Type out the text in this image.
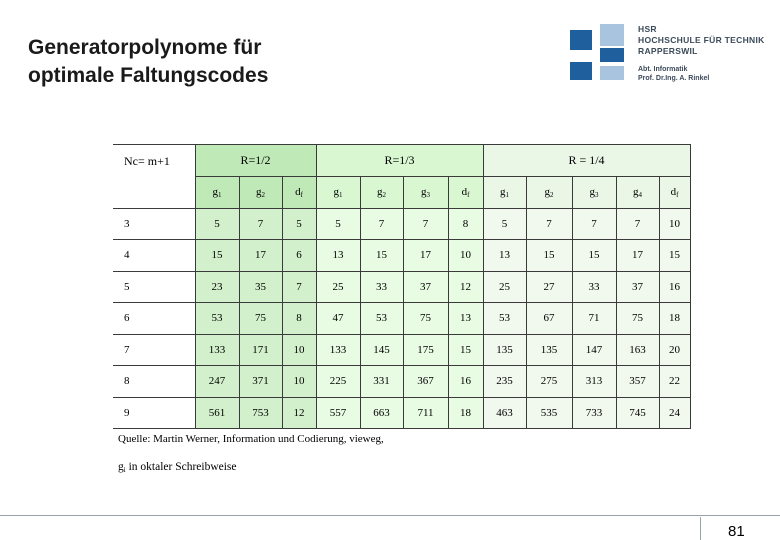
Generatorpolynome für
optimale Faltungscodes
HSR
HOCHSCHULE FÜR TECHNIK
RAPPERSWIL
Abt. Informatik
Prof. Dr.Ing. A. Rinkel
Nc= m+1	R=1/2			R=1/3				R = 1/4				
	$g_1$	$g_2$	$d_f$	$g_1$	$g_2$	$g_3$	$d_f$	$g_1$	$g_2$	$g_3$	$g_4$	$d_f$
3	5	7	5	5	7	7	8	5	7	7	7	10
4	15	17	6	13	15	17	10	13	15	15	17	15
5	23	35	7	25	33	37	12	25	27	33	37	16
6	53	75	8	47	53	75	13	53	67	71	75	18
7	133	171	10	133	145	175	15	135	135	147	163	20
8	247	371	10	225	331	367	16	235	275	313	357	22
9	561	753	12	557	663	711	18	463	535	733	745	24
Quelle: Martin Werner, Information und Codierung, vieweg,
$g_i$ in oktaler Schreibweise
81
